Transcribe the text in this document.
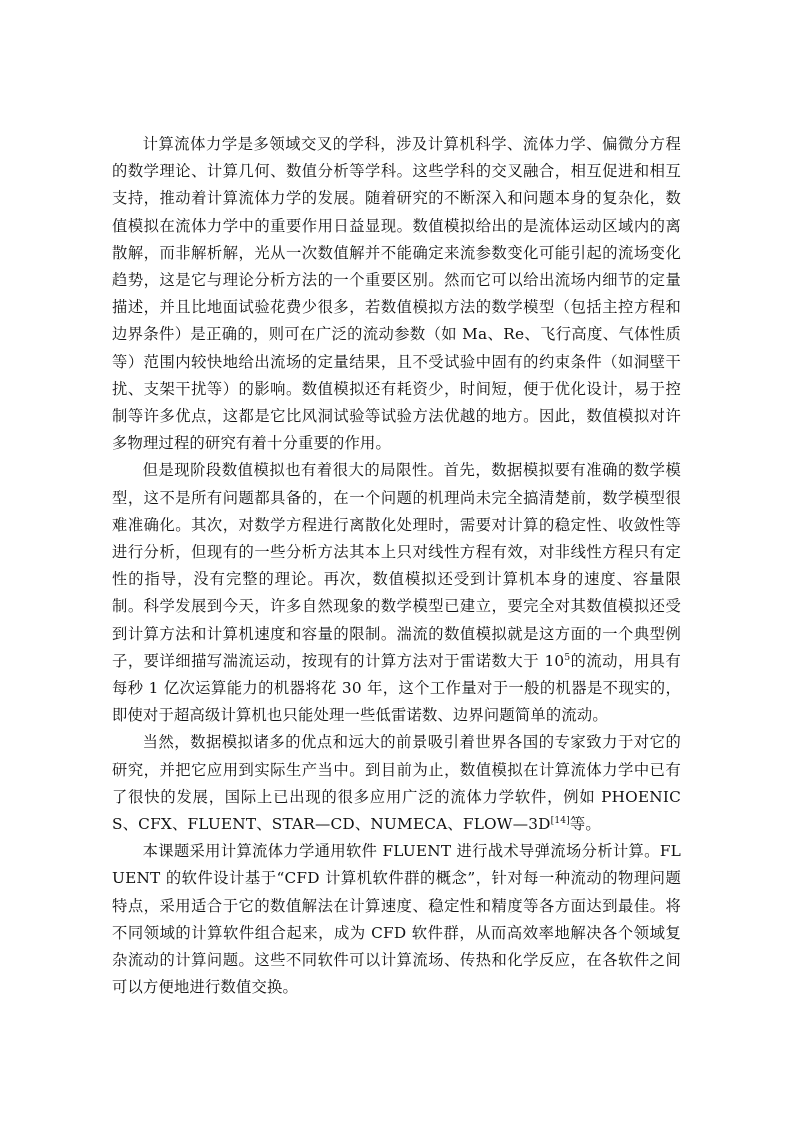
计算流体力学是多领域交叉的学科，涉及计算机科学、流体力学、偏微分方程的数学理论、计算几何、数值分析等学科。这些学科的交叉融合，相互促进和相互支持，推动着计算流体力学的发展。随着研究的不断深入和问题本身的复杂化，数值模拟在流体力学中的重要作用日益显现。数值模拟给出的是流体运动区域内的离散解，而非解析解，光从一次数值解并不能确定来流参数变化可能引起的流场变化趋势，这是它与理论分析方法的一个重要区别。然而它可以给出流场内细节的定量描述，并且比地面试验花费少很多，若数值模拟方法的数学模型（包括主控方程和边界条件）是正确的，则可在广泛的流动参数（如 Ma、Re、飞行高度、气体性质等）范围内较快地给出流场的定量结果，且不受试验中固有的约束条件（如洞壁干扰、支架干扰等）的影响。数值模拟还有耗资少，时间短，便于优化设计，易于控制等许多优点，这都是它比风洞试验等试验方法优越的地方。因此，数值模拟对许多物理过程的研究有着十分重要的作用。

但是现阶段数值模拟也有着很大的局限性。首先，数据模拟要有准确的数学模型，这不是所有问题都具备的，在一个问题的机理尚未完全搞清楚前，数学模型很难准确化。其次，对数学方程进行离散化处理时，需要对计算的稳定性、收敛性等进行分析，但现有的一些分析方法其本上只对线性方程有效，对非线性方程只有定性的指导，没有完整的理论。再次，数值模拟还受到计算机本身的速度、容量限制。科学发展到今天，许多自然现象的数学模型已建立，要完全对其数值模拟还受到计算方法和计算机速度和容量的限制。湍流的数值模拟就是这方面的一个典型例子，要详细描写湍流运动，按现有的计算方法对于雷诺数大于 $10^5$的流动，用具有每秒 1 亿次运算能力的机器将花 30 年，这个工作量对于一般的机器是不现实的，即使对于超高级计算机也只能处理一些低雷诺数、边界问题简单的流动。

当然，数据模拟诸多的优点和远大的前景吸引着世界各国的专家致力于对它的研究，并把它应用到实际生产当中。到目前为止，数值模拟在计算流体力学中已有了很快的发展，国际上已出现的很多应用广泛的流体力学软件，例如 PHOENICS、CFX、FLUENT、STAR—CD、NUMECA、FLOW—3D[14]等。

本课题采用计算流体力学通用软件 FLUENT 进行战术导弹流场分析计算。FLUENT 的软件设计基于“CFD 计算机软件群的概念”，针对每一种流动的物理问题特点，采用适合于它的数值解法在计算速度、稳定性和精度等各方面达到最佳。将不同领域的计算软件组合起来，成为 CFD 软件群，从而高效率地解决各个领域复杂流动的计算问题。这些不同软件可以计算流场、传热和化学反应，在各软件之间可以方便地进行数值交换。
